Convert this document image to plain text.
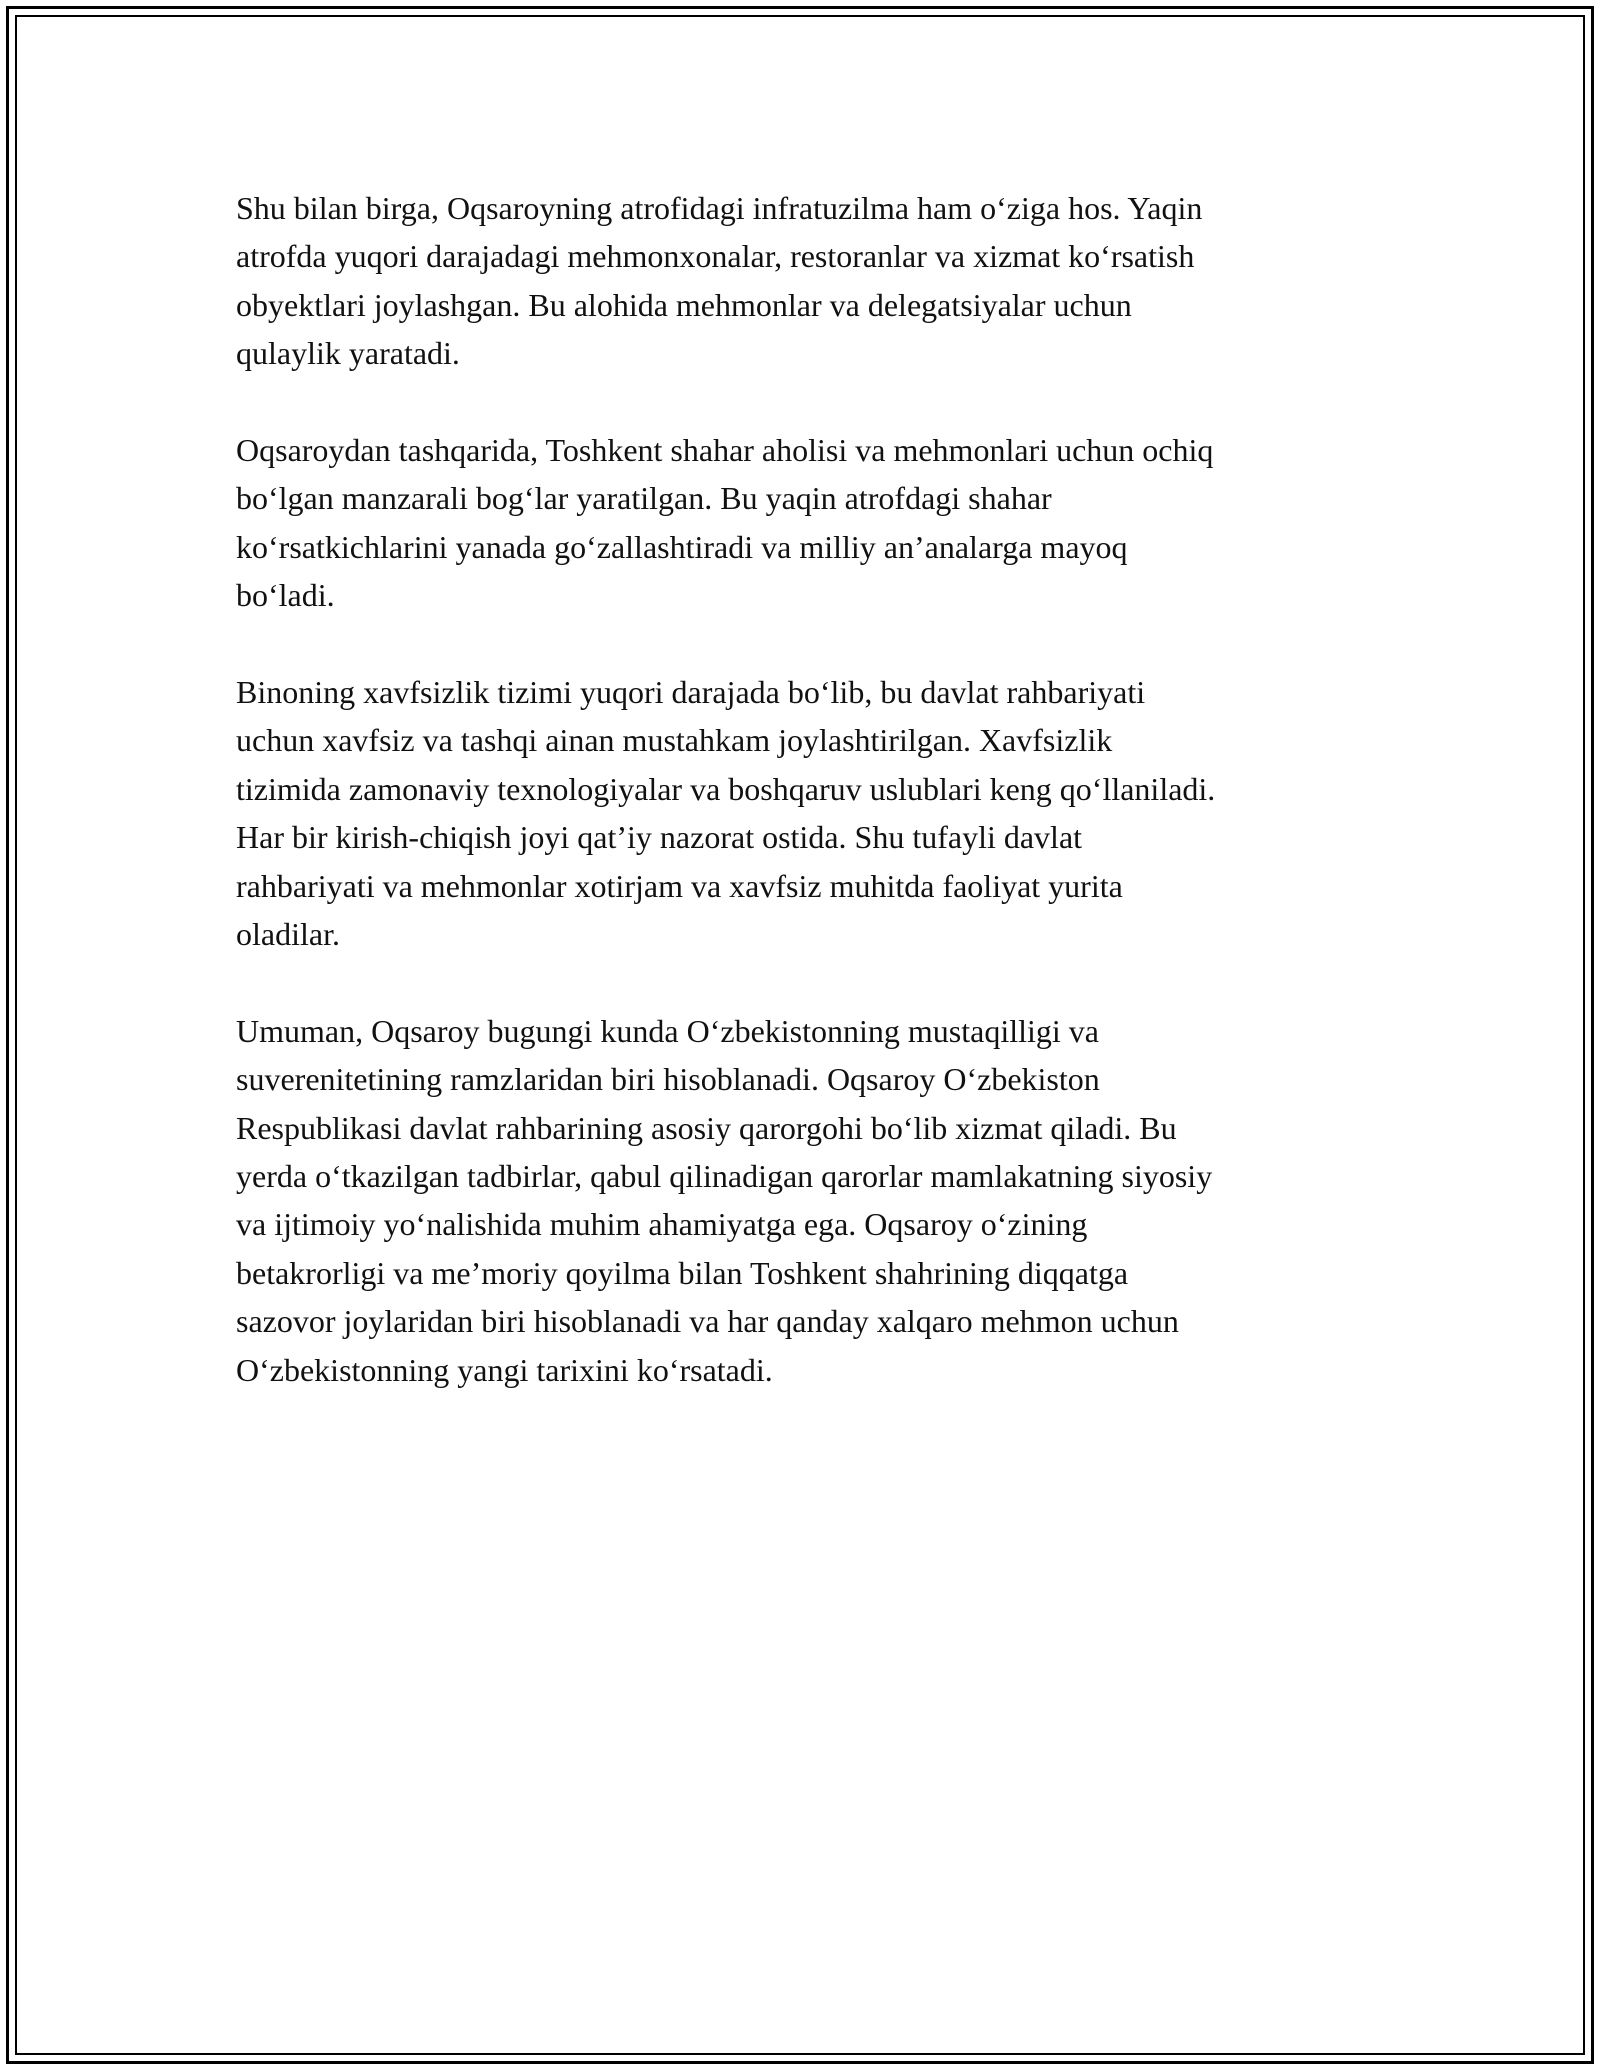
Shu bilan birga, Oqsaroyning atrofidagi infratuzilma ham o‘ziga hos. Yaqin
atrofda yuqori darajadagi mehmonxonalar, restoranlar va xizmat ko‘rsatish
obyektlari joylashgan. Bu alohida mehmonlar va delegatsiyalar uchun
qulaylik yaratadi.

Oqsaroydan tashqarida, Toshkent shahar aholisi va mehmonlari uchun ochiq
bo‘lgan manzarali bog‘lar yaratilgan. Bu yaqin atrofdagi shahar
ko‘rsatkichlarini yanada go‘zallashtiradi va milliy an’analarga mayoq
bo‘ladi.

Binoning xavfsizlik tizimi yuqori darajada bo‘lib, bu davlat rahbariyati
uchun xavfsiz va tashqi ainan mustahkam joylashtirilgan. Xavfsizlik
tizimida zamonaviy texnologiyalar va boshqaruv uslublari keng qo‘llaniladi.
Har bir kirish-chiqish joyi qat’iy nazorat ostida. Shu tufayli davlat
rahbariyati va mehmonlar xotirjam va xavfsiz muhitda faoliyat yurita
oladilar.

Umuman, Oqsaroy bugungi kunda O‘zbekistonning mustaqilligi va
suverenitetining ramzlaridan biri hisoblanadi. Oqsaroy O‘zbekiston
Respublikasi davlat rahbarining asosiy qarorgohi bo‘lib xizmat qiladi. Bu
yerda o‘tkazilgan tadbirlar, qabul qilinadigan qarorlar mamlakatning siyosiy
va ijtimoiy yo‘nalishida muhim ahamiyatga ega. Oqsaroy o‘zining
betakrorligi va me’moriy qoyilma bilan Toshkent shahrining diqqatga
sazovor joylaridan biri hisoblanadi va har qanday xalqaro mehmon uchun
O‘zbekistonning yangi tarixini ko‘rsatadi.
